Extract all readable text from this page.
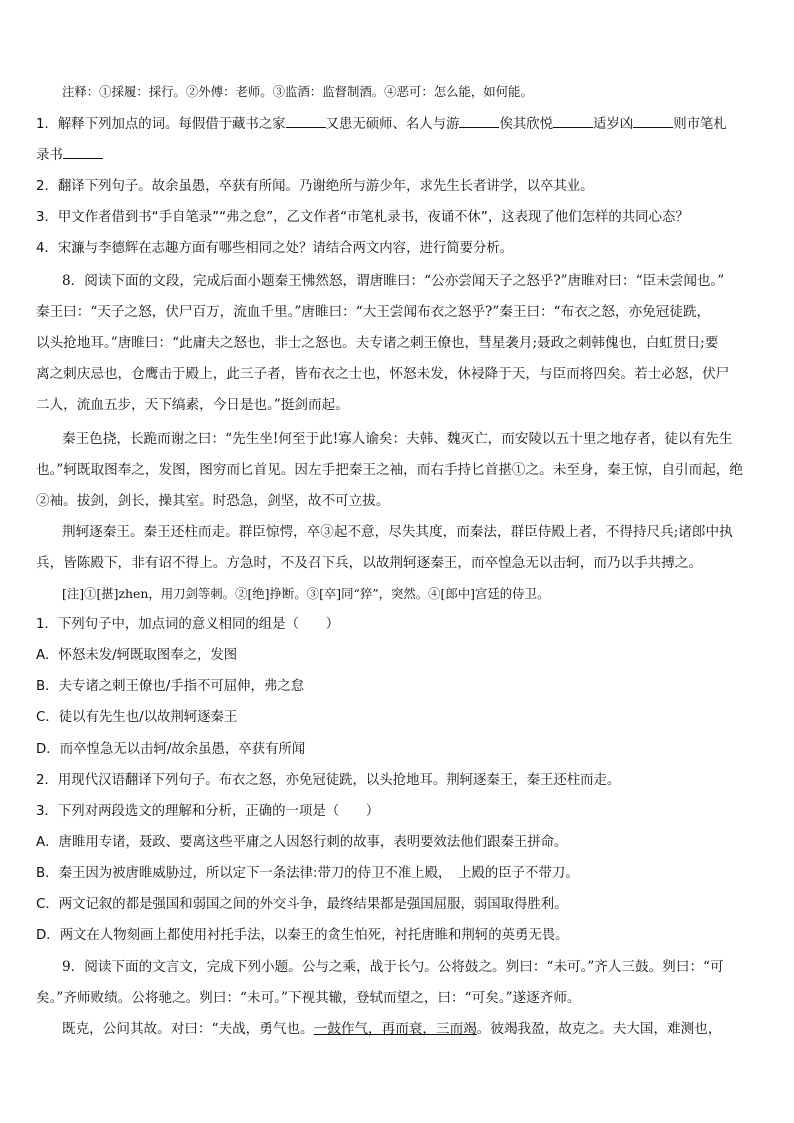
注释：①採履：採行。②外傅：老师。③监酒：监督制酒。④恶可：怎么能，如何能。
1．解释下列加点的词。每假借于藏书之家	又患无硕师、名人与游	俟其欣悦	适岁凶	则市笔札
录书
2．翻译下列句子。故余虽愚，卒获有所闻。乃谢绝所与游少年，求先生长者讲学，以卒其业。
3．甲文作者借到书“手自笔录”“弗之怠”，乙文作者“市笔札录书，夜诵不休”，这表现了他们怎样的共同心态？
4．宋濂与李德辉在志趣方面有哪些相同之处？请结合两文内容，进行简要分析。
8．阅读下面的文段，完成后面小题秦王怫然怒，谓唐睢曰：“公亦尝闻天子之怒乎?”唐睢对曰：“臣未尝闻也。”
秦王曰：“天子之怒，伏尸百万，流血千里。”唐睢曰：“大王尝闻布衣之怒乎?”秦王曰：“布衣之怒，亦免冠徒跣，
以头抢地耳。”唐睢曰：“此庸夫之怒也，非士之怒也。夫专诸之刺王僚也，彗星袭月;聂政之刺韩傀也，白虹贯日;要
离之刺庆忌也，仓鹰击于殿上，此三子者，皆布衣之士也，怀怒未发，休祲降于天，与臣而将四矣。若士必怒，伏尸
二人，流血五步，天下缟素，今日是也。”挺剑而起。
秦王色挠，长跪而谢之曰：“先生坐!何至于此!寡人谕矣：夫韩、魏灭亡，而安陵以五十里之地存者，徒以有先生
也。”轲既取图奉之，发图，图穷而匕首见。因左手把秦王之袖，而右手持匕首揕①之。未至身，秦王惊，自引而起，绝
②袖。拔剑，剑长，操其室。时恐急，剑坚，故不可立拔。
荆轲逐秦王。秦王还柱而走。群臣惊愕，卒③起不意，尽失其度，而秦法，群臣侍殿上者，不得持尺兵;诸郎中执
兵，皆陈殿下，非有诏不得上。方急时，不及召下兵，以故荆轲逐秦王，而卒惶急无以击轲，而乃以手共搏之。
[注]①[揕]zhen，用刀剑等刺。②[绝]挣断。③[卒]同“猝”，突然。④[郎中]宫廷的侍卫。
1．下列句子中，加点词的意义相同的组是（　　）
A．怀怒未发/轲既取图奉之，发图
B．夫专诸之刺王僚也/手指不可屈伸，弗之怠
C．徒以有先生也/以故荆轲逐秦王
D．而卒惶急无以击轲/故余虽愚，卒获有所闻
2．用现代汉语翻译下列句子。布衣之怒，亦免冠徒跣，以头抢地耳。荆轲逐秦王，秦王还柱而走。
3．下列对两段选文的理解和分析，正确的一项是（　　）
A．唐睢用专诸，聂政、要离这些平庸之人因怒行刺的故事，表明要效法他们跟秦王拼命。
B．秦王因为被唐睢威胁过，所以定下一条法律:带刀的侍卫不准上殿，　上殿的臣子不带刀。
C．两文记叙的都是强国和弱国之间的外交斗争，最终结果都是强国屈服，弱国取得胜利。
D．两文在人物刻画上都使用衬托手法，以秦王的贪生怕死，衬托唐睢和荆轲的英勇无畏。
9．阅读下面的文言文，完成下列小题。公与之乘，战于长勺。公将鼓之。刿曰：“未可。”齐人三鼓。刿曰：“可
矣。”齐师败绩。公将驰之。刿曰：“未可。”下视其辙，登轼而望之，曰：“可矣。”遂逐齐师。
既克，公问其故。对曰：“夫战，勇气也。一鼓作气，再而衰，三而竭。彼竭我盈，故克之。夫大国，难测也，
